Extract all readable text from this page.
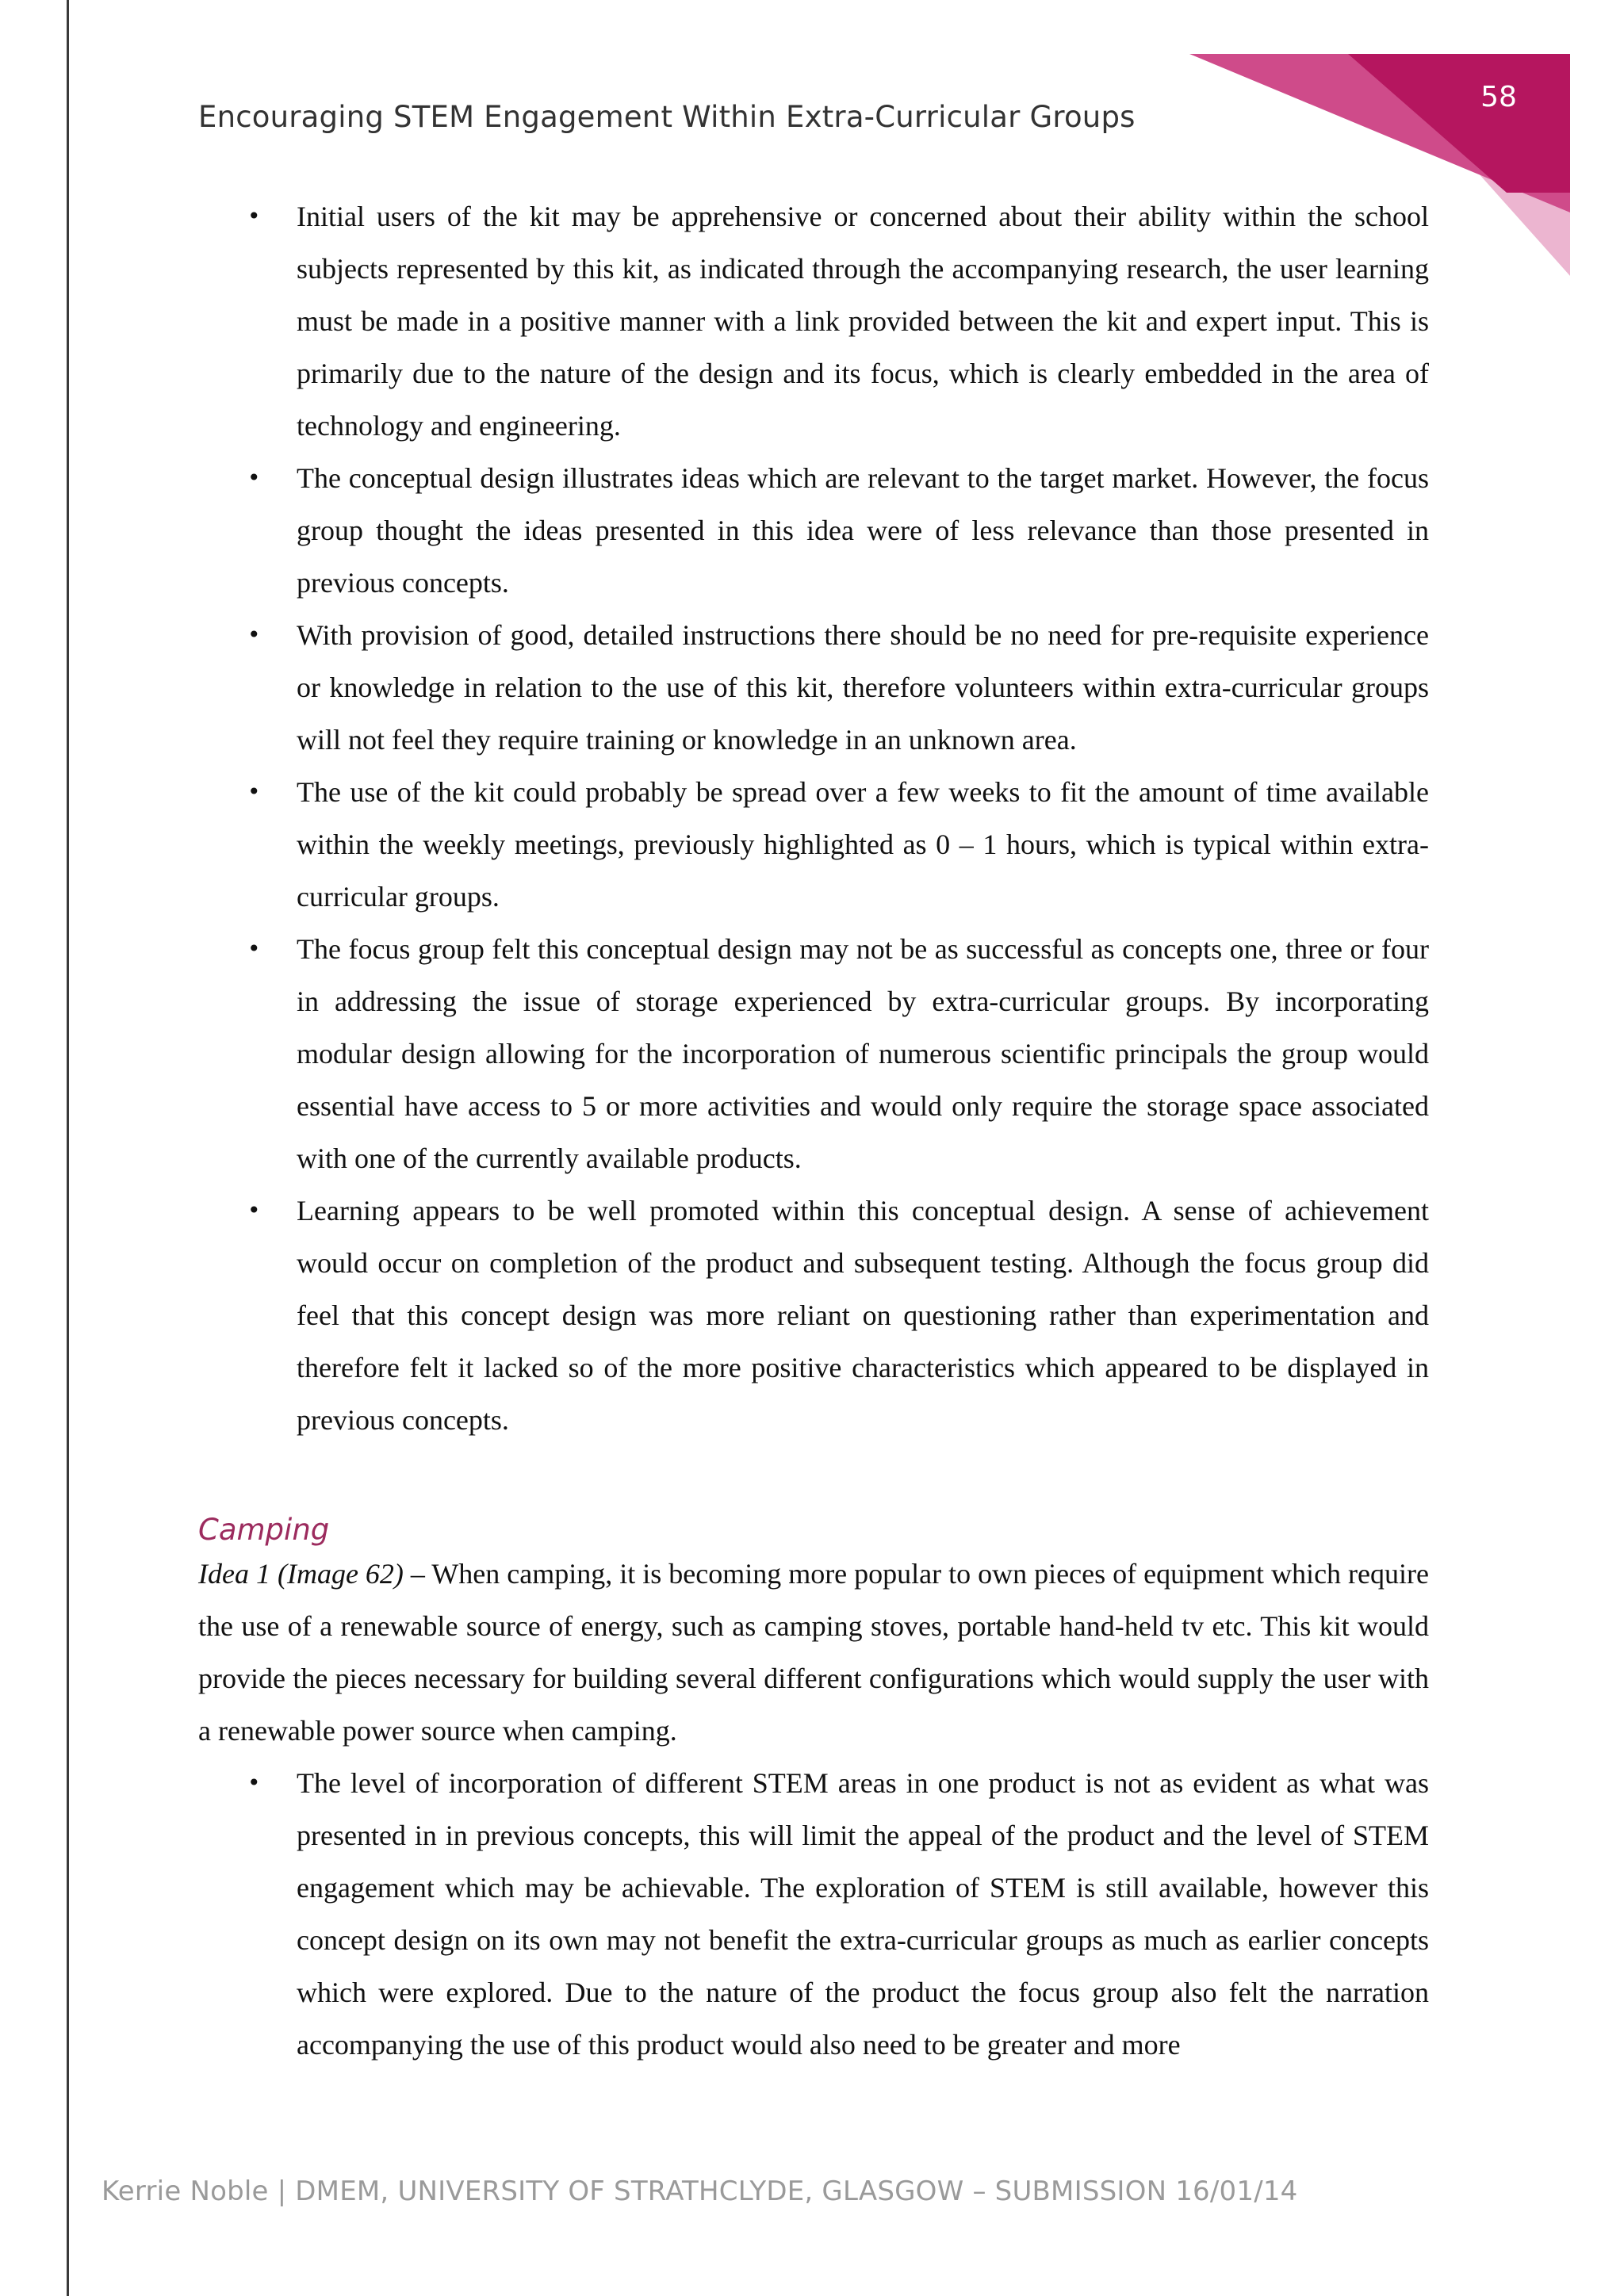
Encouraging STEM Engagement Within Extra-Curricular Groups
58
• Initial users of the kit may be apprehensive or concerned about their ability within the school subjects represented by this kit, as indicated through the accompanying research, the user learning must be made in a positive manner with a link provided between the kit and expert input. This is primarily due to the nature of the design and its focus, which is clearly embedded in the area of technology and engineering.
• The conceptual design illustrates ideas which are relevant to the target market. However, the focus group thought the ideas presented in this idea were of less relevance than those presented in previous concepts.
• With provision of good, detailed instructions there should be no need for pre-requisite experience or knowledge in relation to the use of this kit, therefore volunteers within extra-curricular groups will not feel they require training or knowledge in an unknown area.
• The use of the kit could probably be spread over a few weeks to fit the amount of time available within the weekly meetings, previously highlighted as 0 – 1 hours, which is typical within extra-curricular groups.
• The focus group felt this conceptual design may not be as successful as concepts one, three or four in addressing the issue of storage experienced by extra-curricular groups. By incorporating modular design allowing for the incorporation of numerous scientific principals the group would essential have access to 5 or more activities and would only require the storage space associated with one of the currently available products.
• Learning appears to be well promoted within this conceptual design. A sense of achievement would occur on completion of the product and subsequent testing. Although the focus group did feel that this concept design was more reliant on questioning rather than experimentation and therefore felt it lacked so of the more positive characteristics which appeared to be displayed in previous concepts.
Camping

Idea 1 (Image 62) – When camping, it is becoming more popular to own pieces of equipment which require the use of a renewable source of energy, such as camping stoves, portable hand-held tv etc. This kit would provide the pieces necessary for building several different configurations which would supply the user with a renewable power source when camping.

• The level of incorporation of different STEM areas in one product is not as evident as what was presented in in previous concepts, this will limit the appeal of the product and the level of STEM engagement which may be achievable. The exploration of STEM is still available, however this concept design on its own may not benefit the extra-curricular groups as much as earlier concepts which were explored. Due to the nature of the product the focus group also felt the narration accompanying the use of this product would also need to be greater and more
Kerrie Noble | DMEM, UNIVERSITY OF STRATHCLYDE, GLASGOW – SUBMISSION 16/01/14
